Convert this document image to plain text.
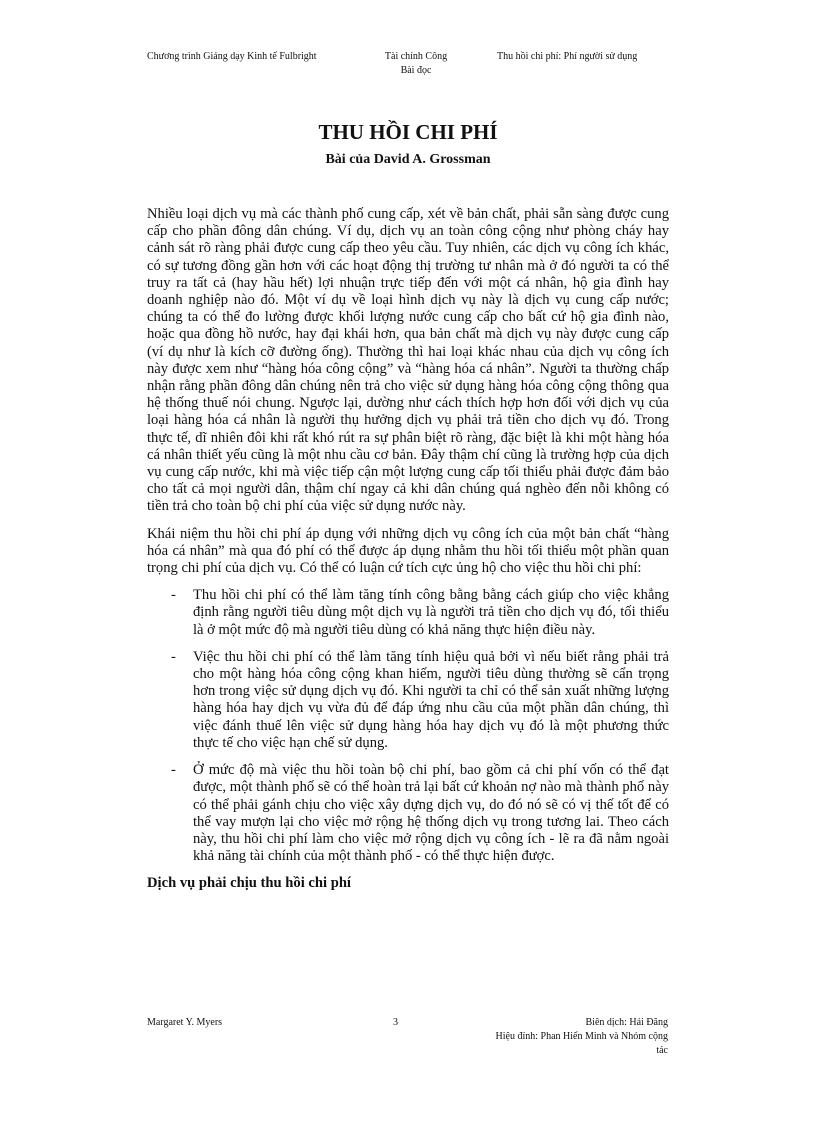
Chương trình Giảng dạy Kinh tế Fulbright	Tài chính Công
Bài đọc
Thu hồi chi phí: Phí người sử dụng
THU HỒI CHI PHÍ
Bài của David A. Grossman

Nhiều loại dịch vụ mà các thành phố cung cấp, xét về bản chất, phải sẵn sàng được cung cấp cho phần đông dân chúng. Ví dụ, dịch vụ an toàn công cộng như phòng cháy hay cảnh sát rõ ràng phải được cung cấp theo yêu cầu. Tuy nhiên, các dịch vụ công ích khác, có sự tương đồng gần hơn với các hoạt động thị trường tư nhân mà ở đó người ta có thể truy ra tất cả (hay hầu hết) lợi nhuận trực tiếp đến với một cá nhân, hộ gia đình hay doanh nghiệp nào đó. Một ví dụ về loại hình dịch vụ này là dịch vụ cung cấp nước; chúng ta có thể đo lường được khối lượng nước cung cấp cho bất cứ hộ gia đình nào, hoặc qua đồng hồ nước, hay đại khái hơn, qua bản chất mà dịch vụ này được cung cấp (ví dụ như là kích cỡ đường ống). Thường thì hai loại khác nhau của dịch vụ công ích này được xem như “hàng hóa công cộng” và “hàng hóa cá nhân”. Người ta thường chấp nhận rằng phần đông dân chúng nên trả cho việc sử dụng hàng hóa công cộng thông qua hệ thống thuế nói chung. Ngược lại, dường như cách thích hợp hơn đối với dịch vụ của loại hàng hóa cá nhân là người thụ hưởng dịch vụ phải trả tiền cho dịch vụ đó. Trong thực tế, dĩ nhiên đôi khi rất khó rút ra sự phân biệt rõ ràng, đặc biệt là khi một hàng hóa cá nhân thiết yếu cũng là một nhu cầu cơ bản. Đây thậm chí cũng là trường hợp của dịch vụ cung cấp nước, khi mà việc tiếp cận một lượng cung cấp tối thiểu phải được đảm bảo cho tất cả mọi người dân, thậm chí ngay cả khi dân chúng quá nghèo đến nỗi không có tiền trả cho toàn bộ chi phí của việc sử dụng nước này.

Khái niệm thu hồi chi phí áp dụng với những dịch vụ công ích của một bản chất “hàng hóa cá nhân” mà qua đó phí có thể được áp dụng nhằm thu hồi tối thiểu một phần quan trọng chi phí của dịch vụ. Có thể có luận cứ tích cực ủng hộ cho việc thu hồi chi phí:

- Thu hồi chi phí có thể làm tăng tính công bằng bằng cách giúp cho việc khẳng định rằng người tiêu dùng một dịch vụ là người trả tiền cho dịch vụ đó, tối thiểu là ở một mức độ mà người tiêu dùng có khả năng thực hiện điều này.
- Việc thu hồi chi phí có thể làm tăng tính hiệu quả bởi vì nếu biết rằng phải trả cho một hàng hóa công cộng khan hiếm, người tiêu dùng thường sẽ cẩn trọng hơn trong việc sử dụng dịch vụ đó. Khi người ta chỉ có thể sản xuất những lượng hàng hóa hay dịch vụ vừa đủ để đáp ứng nhu cầu của một phần dân chúng, thì việc đánh thuế lên việc sử dụng hàng hóa hay dịch vụ đó là một phương thức thực tế cho việc hạn chế sử dụng.
- Ở mức độ mà việc thu hồi toàn bộ chi phí, bao gồm cả chi phí vốn có thể đạt được, một thành phố sẽ có thể hoàn trả lại bất cứ khoản nợ nào mà thành phố này có thể phải gánh chịu cho việc xây dựng dịch vụ, do đó nó sẽ có vị thế tốt để có thể vay mượn lại cho việc mở rộng hệ thống dịch vụ trong tương lai. Theo cách này, thu hồi chi phí làm cho việc mở rộng dịch vụ công ích - lẽ ra đã nằm ngoài khả năng tài chính của một thành phố - có thể thực hiện được.
Dịch vụ phải chịu thu hồi chi phí
Margaret Y. Myers	3	Biên dịch: Hải Đăng
Hiệu đính: Phan Hiển Minh và Nhóm cộng
tác
